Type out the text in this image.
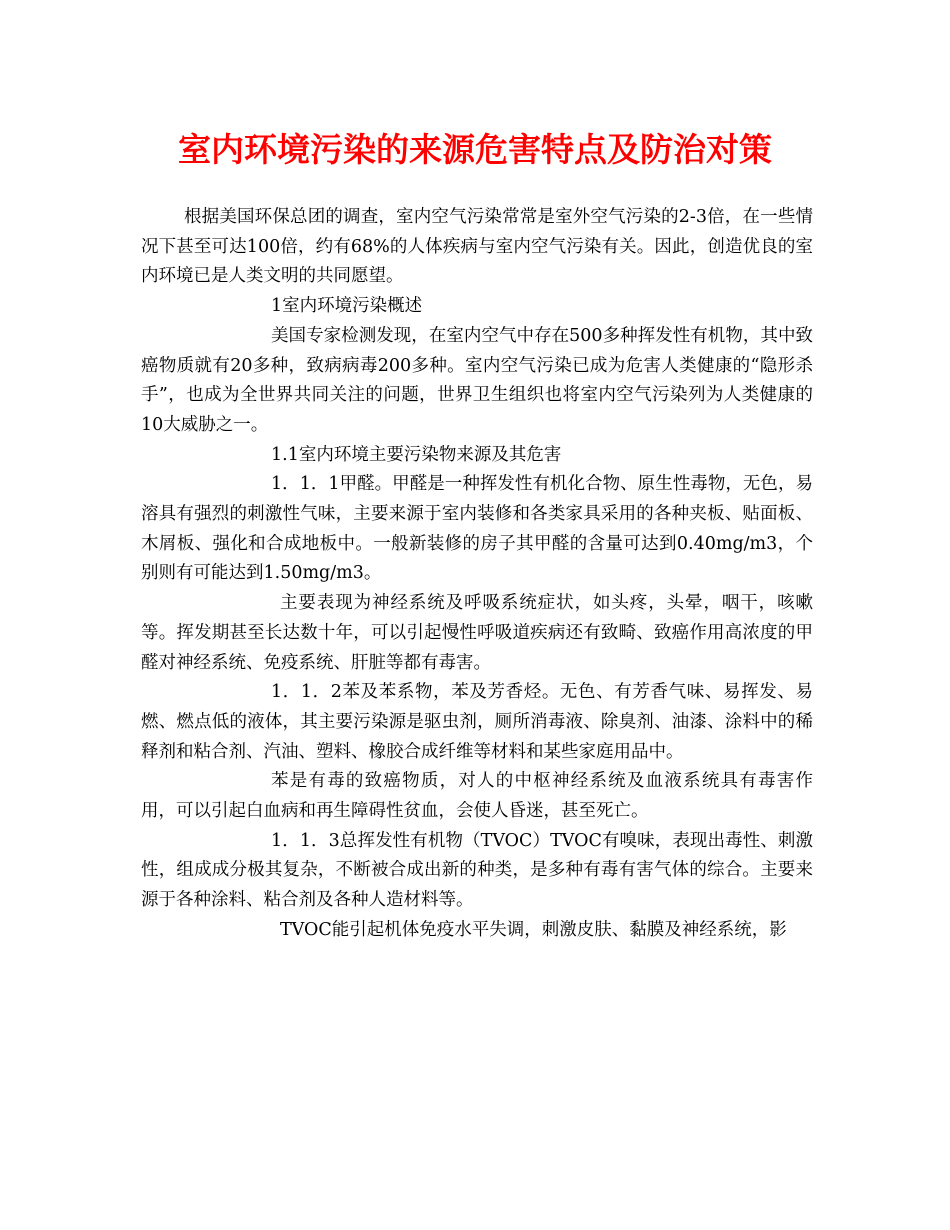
室内环境污染的来源危害特点及防治对策

根据美国环保总团的调查，室内空气污染常常是室外空气污染的2-3倍，在一些情况下甚至可达100倍，约有68%的人体疾病与室内空气污染有关。因此，创造优良的室内环境已是人类文明的共同愿望。

1室内环境污染概述

美国专家检测发现，在室内空气中存在500多种挥发性有机物，其中致癌物质就有20多种，致病病毒200多种。室内空气污染已成为危害人类健康的“隐形杀手”，也成为全世界共同关注的问题，世界卫生组织也将室内空气污染列为人类健康的10大威胁之一。

1.1室内环境主要污染物来源及其危害

1．1．1甲醛。甲醛是一种挥发性有机化合物、原生性毒物，无色，易溶具有强烈的刺激性气味，主要来源于室内装修和各类家具采用的各种夹板、贴面板、木屑板、强化和合成地板中。一般新装修的房子其甲醛的含量可达到0.40mg/m3，个别则有可能达到1.50mg/m3。

主要表现为神经系统及呼吸系统症状，如头疼，头晕，咽干，咳嗽等。挥发期甚至长达数十年，可以引起慢性呼吸道疾病还有致畸、致癌作用高浓度的甲醛对神经系统、免疫系统、肝脏等都有毒害。

1．1．2苯及苯系物，苯及芳香烃。无色、有芳香气味、易挥发、易燃、燃点低的液体，其主要污染源是驱虫剂，厕所消毒液、除臭剂、油漆、涂料中的稀释剂和粘合剂、汽油、塑料、橡胶合成纤维等材料和某些家庭用品中。

苯是有毒的致癌物质，对人的中枢神经系统及血液系统具有毒害作用，可以引起白血病和再生障碍性贫血，会使人昏迷，甚至死亡。

1．1．3总挥发性有机物（TVOC）TVOC有嗅味，表现出毒性、刺激性，组成成分极其复杂，不断被合成出新的种类，是多种有毒有害气体的综合。主要来源于各种涂料、粘合剂及各种人造材料等。

TVOC能引起机体免疫水平失调，刺激皮肤、黏膜及神经系统，影
